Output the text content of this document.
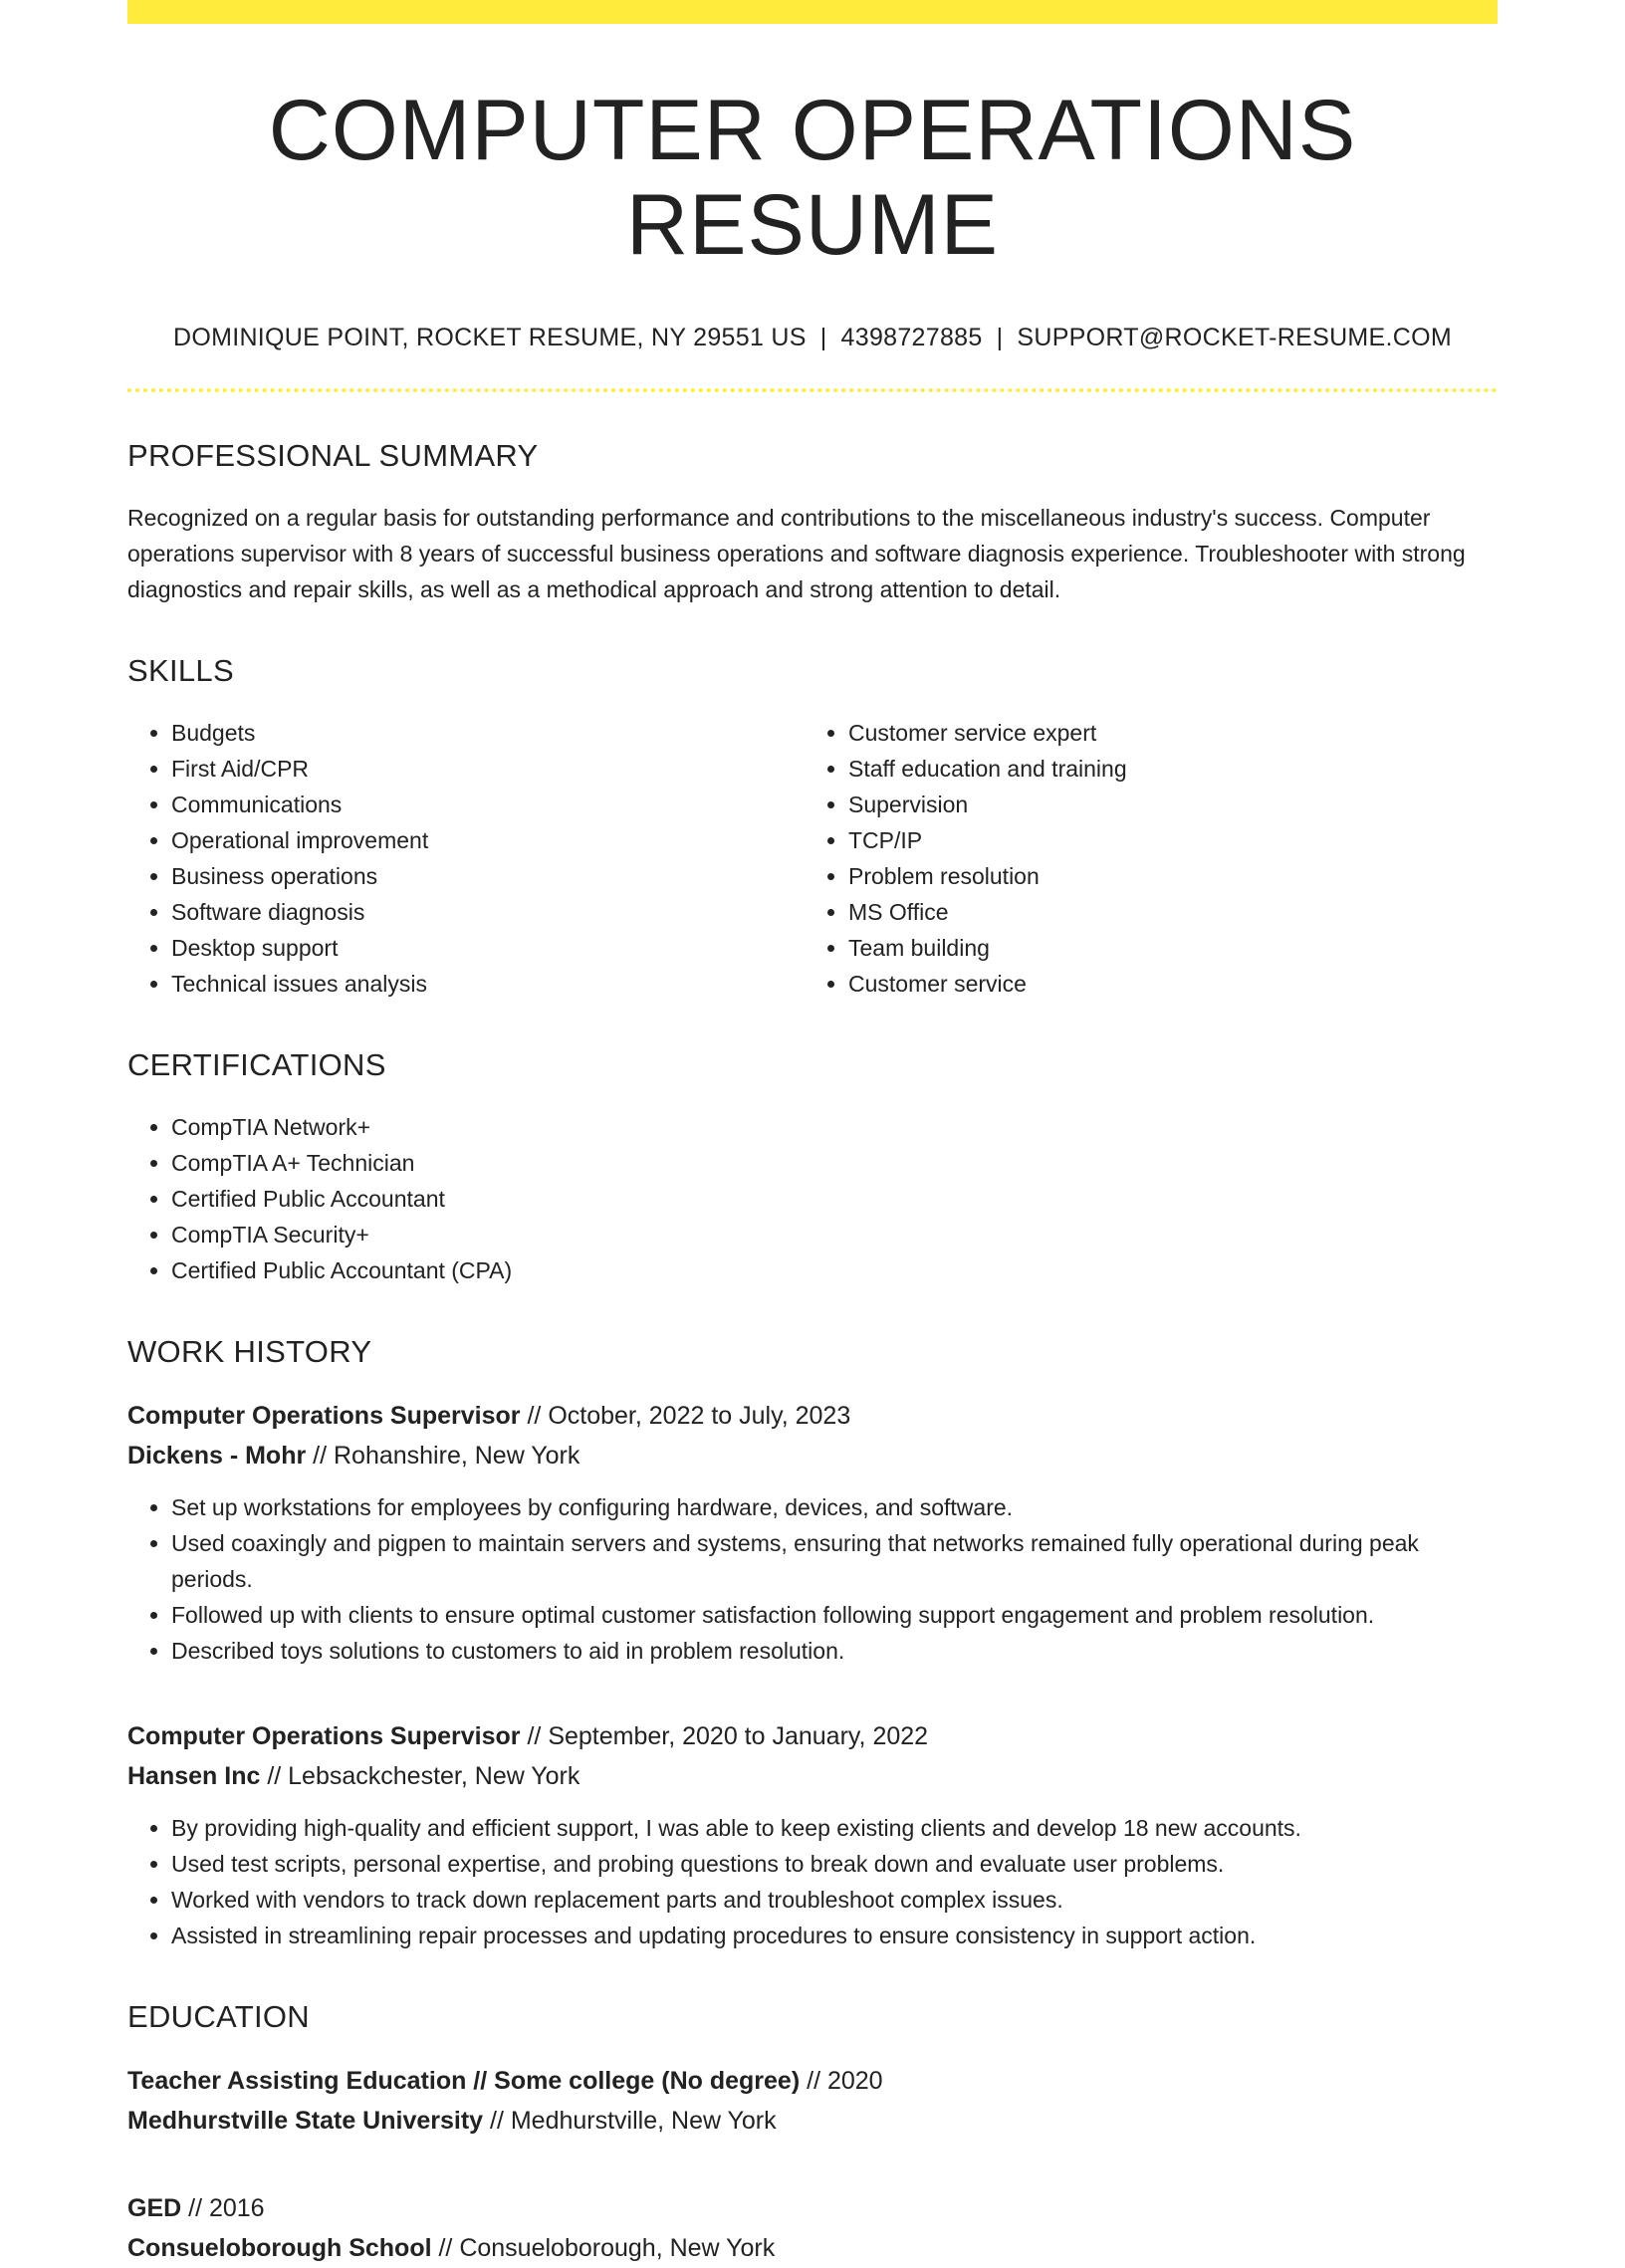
COMPUTER OPERATIONS RESUME
DOMINIQUE POINT, ROCKET RESUME, NY 29551 US | 4398727885 | SUPPORT@ROCKET-RESUME.COM
PROFESSIONAL SUMMARY

Recognized on a regular basis for outstanding performance and contributions to the miscellaneous industry's success. Computer operations supervisor with 8 years of successful business operations and software diagnosis experience. Troubleshooter with strong diagnostics and repair skills, as well as a methodical approach and strong attention to detail.

SKILLS
• Budgets
• First Aid/CPR
• Communications
• Operational improvement
• Business operations
• Software diagnosis
• Desktop support
• Technical issues analysis
• Customer service expert
• Staff education and training
• Supervision
• TCP/IP
• Problem resolution
• MS Office
• Team building
• Customer service
CERTIFICATIONS
• CompTIA Network+
• CompTIA A+ Technician
• Certified Public Accountant
• CompTIA Security+
• Certified Public Accountant (CPA)
WORK HISTORY
Computer Operations Supervisor // October, 2022 to July, 2023
Dickens - Mohr // Rohanshire, New York
• Set up workstations for employees by configuring hardware, devices, and software.
• Used coaxingly and pigpen to maintain servers and systems, ensuring that networks remained fully operational during peak periods.
• Followed up with clients to ensure optimal customer satisfaction following support engagement and problem resolution.
• Described toys solutions to customers to aid in problem resolution.
Computer Operations Supervisor // September, 2020 to January, 2022
Hansen Inc // Lebsackchester, New York
• By providing high-quality and efficient support, I was able to keep existing clients and develop 18 new accounts.
• Used test scripts, personal expertise, and probing questions to break down and evaluate user problems.
• Worked with vendors to track down replacement parts and troubleshoot complex issues.
• Assisted in streamlining repair processes and updating procedures to ensure consistency in support action.
EDUCATION
Teacher Assisting Education // Some college (No degree) // 2020
Medhurstville State University // Medhurstville, New York
GED // 2016
Consueloborough School // Consueloborough, New York
